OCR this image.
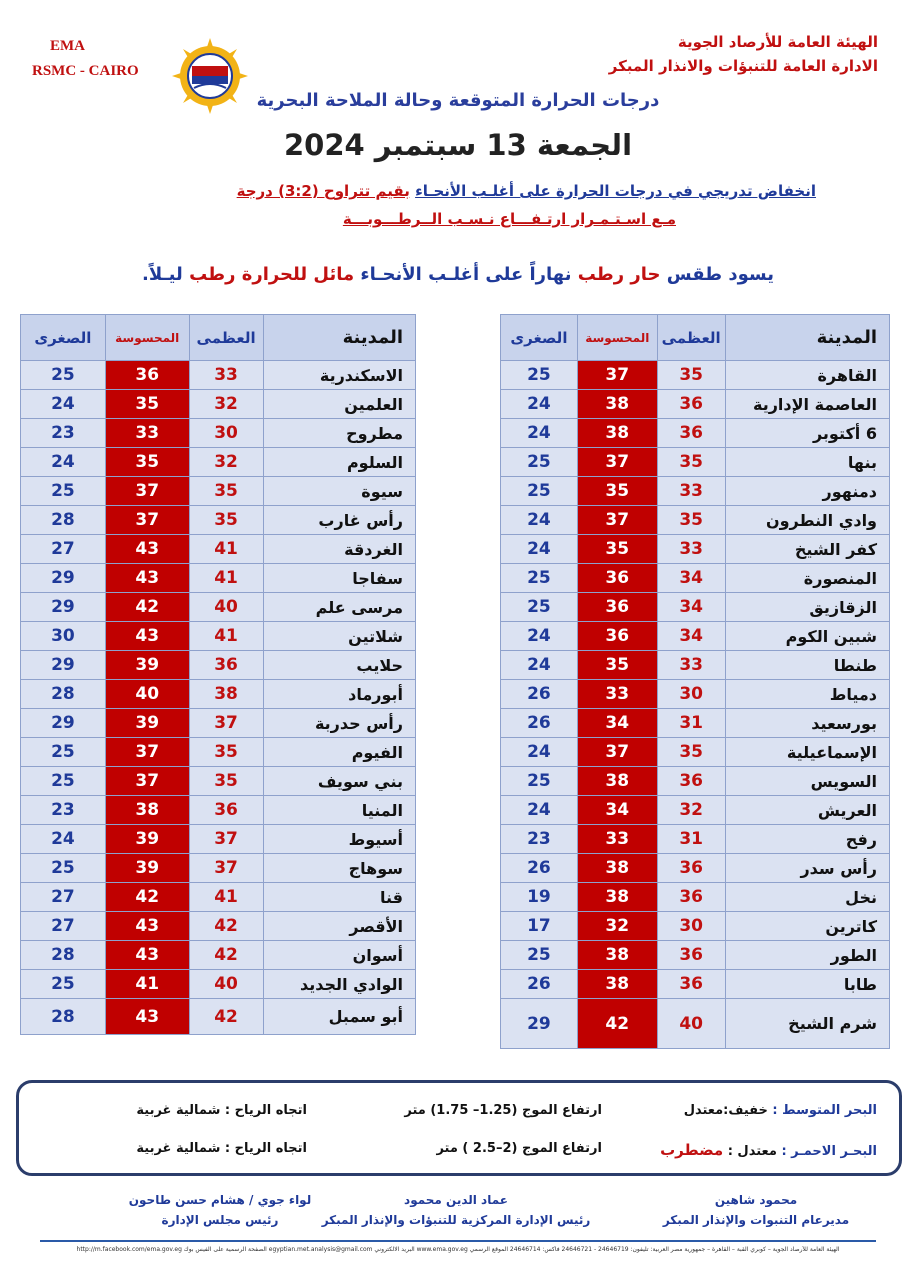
EMA
RSMC - CAIRO
الهيئة العامة للأرصاد الجوية
الادارة العامة للتنبؤات والانذار المبكر
درجات الحرارة المتوقعة وحالة الملاحة البحرية
الجمعة 13 سبتمبر 2024
انخفاض تدريجي في درجات الحرارة على أغلـب الأنحـاء بقيم تتراوح (3:2) درجة
مـع اسـتـمـرار ارتـفـــاع نـسـب الــرطـــوبـــة
يسود طقس حار رطب نهاراً على أغلـب الأنحـاء مائل للحرارة رطب ليـلاً.
المدينة	العظمى	المحسوسة	الصغرى
القاهرة	35	37	25
العاصمة الإدارية	36	38	24
6 أكتوبر	36	38	24
بنها	35	37	25
دمنهور	33	35	25
وادي النطرون	35	37	24
كفر الشيخ	33	35	24
المنصورة	34	36	25
الزقازيق	34	36	25
شبين الكوم	34	36	24
طنطا	33	35	24
دمياط	30	33	26
بورسعيد	31	34	26
الإسماعيلية	35	37	24
السويس	36	38	25
العريش	32	34	24
رفح	31	33	23
رأس سدر	36	38	26
نخل	36	38	19
كاترين	30	32	17
الطور	36	38	25
طابا	36	38	26
شرم الشيخ	40	42	29
المدينة	العظمى	المحسوسة	الصغرى
الاسكندرية	33	36	25
العلمين	32	35	24
مطروح	30	33	23
السلوم	32	35	24
سيوة	35	37	25
رأس غارب	35	37	28
الغردقة	41	43	27
سفاجا	41	43	29
مرسى علم	40	42	29
شلاتين	41	43	30
حلايب	36	39	29
أبورماد	38	40	28
رأس حدربة	37	39	29
الفيوم	35	37	25
بني سويف	35	37	25
المنيا	36	38	23
أسيوط	37	39	24
سوهاج	37	39	25
قنا	41	42	27
الأقصر	42	43	27
أسوان	42	43	28
الوادي الجديد	40	41	25
أبو سمبل	42	43	28
البحر المتوسط : خفيف:معتدل
ارتفاع الموج (1.25– 1.75) متر
اتجاه الرياح : شمالية غربية
البحـر الاحمـر : معتدل : مضطرب
ارتفاع الموج (2–2.5 ) متر
اتجاه الرياح : شمالية غربية
محمود شاهين
مديرعام التنبوات والإنذار المبكر
عماد الدين محمود
رئيس الإدارة المركزية للتنبؤات والإنذار المبكر
لواء جوي / هشام حسن طاحون
رئيس مجلس الإدارة
الهيئة العامة للأرصاد الجوية – كوبري القبة – القاهرة – جمهورية مصر العربية: تليفون: 24646719 - 24646721 فاكس: 24646714 الموقع الرسمي www.ema.gov.eg البريد الالكتروني egyptian.met.analysis@gmail.com الصفحة الرسمية على الفيس بوك http://m.facebook.com/ema.gov.eg
